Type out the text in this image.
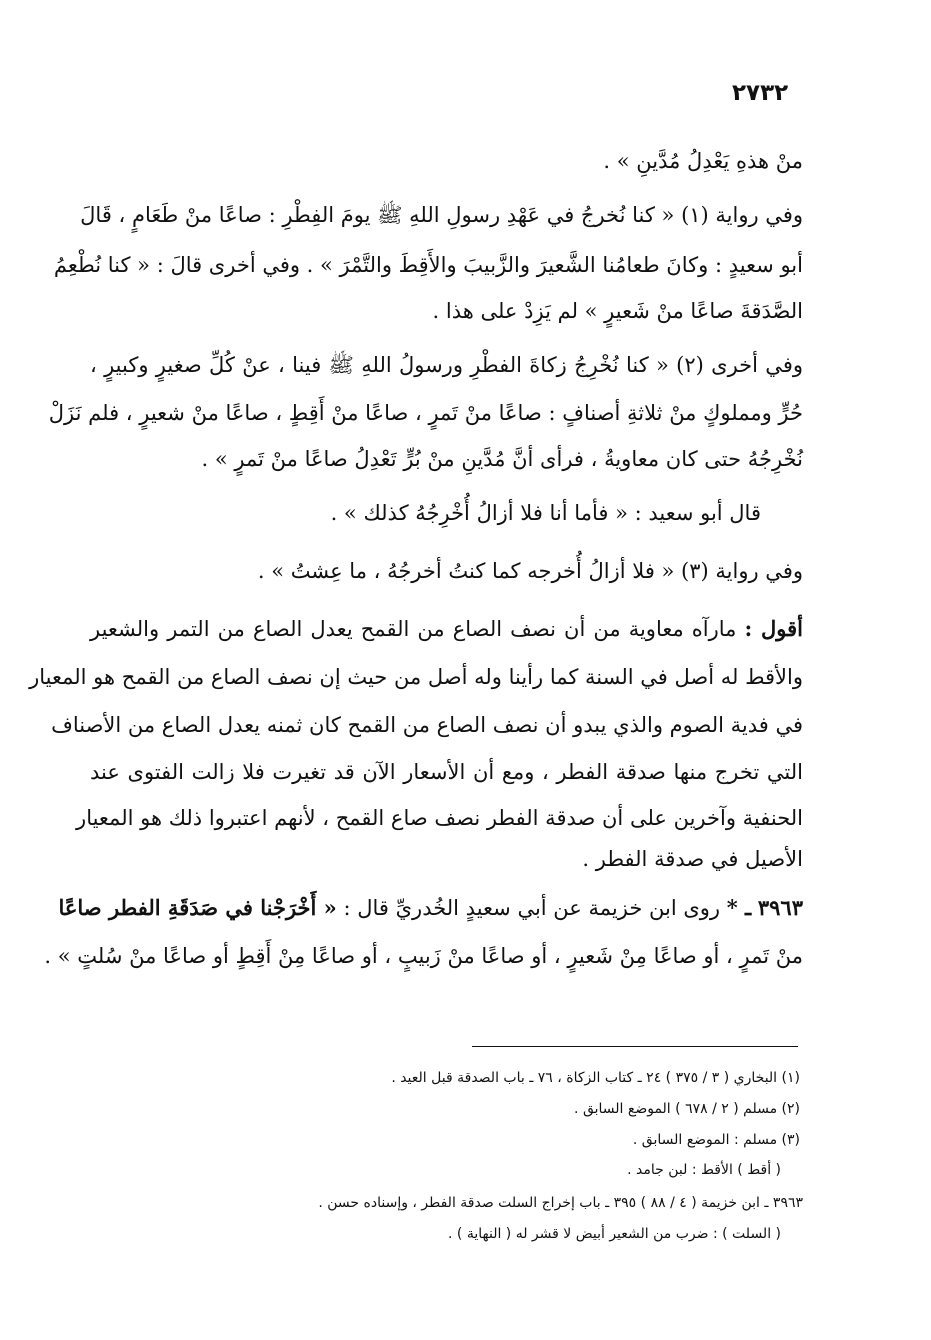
٢٧٣٢
منْ هذهِ يَعْدِلُ مُدَّينِ » .
وفي رواية (١) « كنا نُخرجُ في عَهْدِ رسولِ اللهِ ﷺ يومَ الفِطْرِ : صاعًا منْ طَعَامٍ ، قَالَ
أبو سعيدٍ : وكانَ طعامُنا الشَّعيرَ والزَّبيبَ والأَقِطَ والتَّمْرَ » . وفي أخرى قالَ : « كنا نُطْعِمُ
الصَّدَقةَ صاعًا منْ شَعيرٍ » لم يَزِدْ على هذا .
وفي أخرى (٢) « كنا نُخْرِجُ زكاةَ الفطْرِ ورسولُ اللهِ ﷺ فينا ، عنْ كُلِّ صغيرٍ وكبيرٍ ،
حُرٍّ ومملوكٍ منْ ثلاثةِ أصنافٍ : صاعًا منْ تَمرٍ ، صاعًا منْ أَقِطٍ ، صاعًا منْ شعيرٍ ، فلم نَزَلْ
نُخْرِجُهُ حتى كان معاويةُ ، فرأى أنَّ مُدَّينِ منْ بُرٍّ تَعْدِلُ صاعًا منْ تَمرٍ » .
قال أبو سعيد : « فأما أنا فلا أزالُ أُخْرِجُهُ كذلك » .
وفي رواية (٣) « فلا أزالُ أُخرجه كما كنتُ أخرجُهُ ، ما عِشتُ » .
أقول : مارآه معاوية من أن نصف الصاع من القمح يعدل الصاع من التمر والشعير
والأقط له أصل في السنة كما رأينا وله أصل من حيث إن نصف الصاع من القمح هو المعيار
في فدية الصوم والذي يبدو أن نصف الصاع من القمح كان ثمنه يعدل الصاع من الأصناف
التي تخرج منها صدقة الفطر ، ومع أن الأسعار الآن قد تغيرت فلا زالت الفتوى عند
الحنفية وآخرين على أن صدقة الفطر نصف صاع القمح ، لأنهم اعتبروا ذلك هو المعيار
الأصيل في صدقة الفطر .
٣٩٦٣ ـ * روى ابن خزيمة عن أبي سعيدٍ الخُدريِّ قال : « أَخْرَجْنا في صَدَقَةِ الفطر صاعًا
منْ تَمرٍ ، أو صاعًا مِنْ شَعيرٍ ، أو صاعًا منْ زَبيبٍ ، أو صاعًا مِنْ أَقِطٍ أو صاعًا منْ سُلتٍ » .
(١) البخاري ( ٣ / ٣٧٥ ) ٢٤ ـ كتاب الزكاة ، ٧٦ ـ باب الصدقة قبل العيد .
(٢) مسلم ( ٢ / ٦٧٨ ) الموضع السابق .
(٣) مسلم : الموضع السابق .
( أقط ) الأقط : لبن جامد .
٣٩٦٣ ـ ابن خزيمة ( ٤ / ٨٨ ) ٣٩٥ ـ باب إخراج السلت صدقة الفطر ، وإسناده حسن .
( السلت ) : ضرب من الشعير أبيض لا قشر له ( النهاية ) .
